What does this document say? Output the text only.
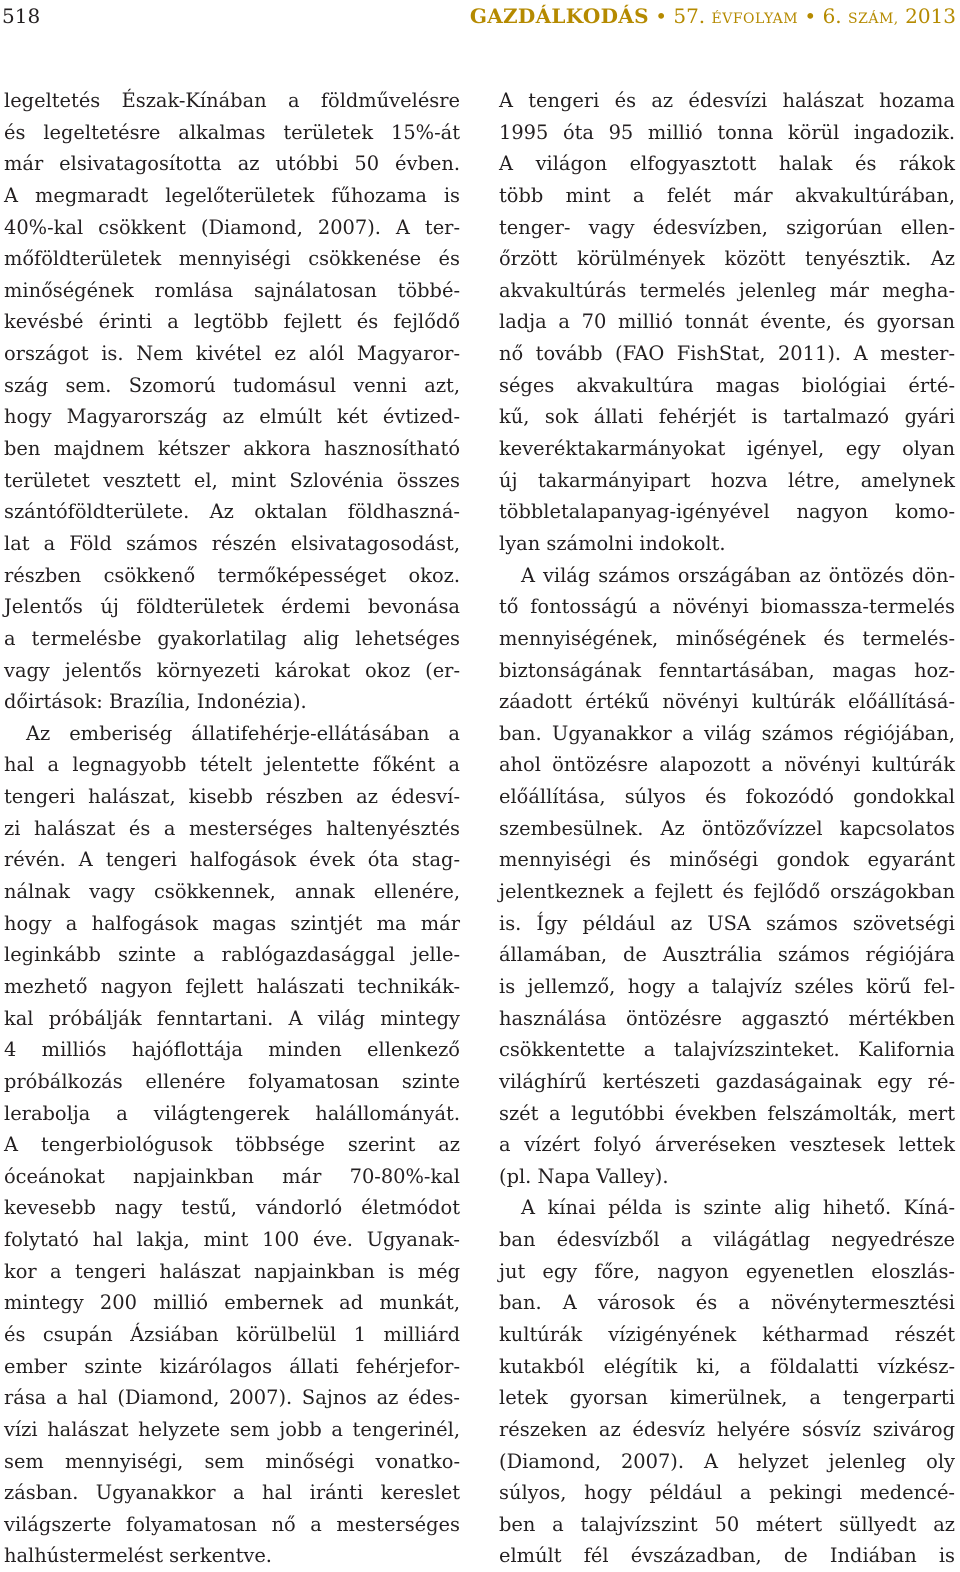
518	GAZDÁLKODÁS • 57. ÉVFOLYAM • 6. SZÁM, 2013
legeltetés Észak-Kínában a földművelésre
és legeltetésre alkalmas területek 15%-át
már elsivatagosította az utóbbi 50 évben.
A megmaradt legelőterületek fűhozama is
40%-kal csökkent (Diamond, 2007). A ter-
mőföldterületek mennyiségi csökkenése és
minőségének romlása sajnálatosan többé-
kevésbé érinti a legtöbb fejlett és fejlődő
országot is. Nem kivétel ez alól Magyaror-
szág sem. Szomorú tudomásul venni azt,
hogy Magyarország az elmúlt két évtized-
ben majdnem kétszer akkora hasznosítható
területet vesztett el, mint Szlovénia összes
szántóföldterülete. Az oktalan földhaszná-
lat a Föld számos részén elsivatagosodást,
részben csökkenő termőképességet okoz.
Jelentős új földterületek érdemi bevonása
a termelésbe gyakorlatilag alig lehetséges
vagy jelentős környezeti károkat okoz (er-
dőirtások: Brazília, Indonézia).
Az emberiség állatifehérje-ellátásában a
hal a legnagyobb tételt jelentette főként a
tengeri halászat, kisebb részben az édesví-
zi halászat és a mesterséges haltenyésztés
révén. A tengeri halfogások évek óta stag-
nálnak vagy csökkennek, annak ellenére,
hogy a halfogások magas szintjét ma már
leginkább szinte a rablógazdasággal jelle-
mezhető nagyon fejlett halászati technikák-
kal próbálják fenntartani. A világ mintegy
4 milliós hajóflottája minden ellenkező
próbálkozás ellenére folyamatosan szinte
lerabolja a világtengerek halállományát.
A tengerbiológusok többsége szerint az
óceánokat napjainkban már 70-80%-kal
kevesebb nagy testű, vándorló életmódot
folytató hal lakja, mint 100 éve. Ugyanak-
kor a tengeri halászat napjainkban is még
mintegy 200 millió embernek ad munkát,
és csupán Ázsiában körülbelül 1 milliárd
ember szinte kizárólagos állati fehérjefor-
rása a hal (Diamond, 2007). Sajnos az édes-
vízi halászat helyzete sem jobb a tengerinél,
sem mennyiségi, sem minőségi vonatko-
zásban. Ugyanakkor a hal iránti kereslet
világszerte folyamatosan nő a mesterséges
halhústermelést serkentve.
A tengeri és az édesvízi halászat hozama
1995 óta 95 millió tonna körül ingadozik.
A világon elfogyasztott halak és rákok
több mint a felét már akvakultúrában,
tenger- vagy édesvízben, szigorúan ellen-
őrzött körülmények között tenyésztik. Az
akvakultúrás termelés jelenleg már megha-
ladja a 70 millió tonnát évente, és gyorsan
nő tovább (FAO FishStat, 2011). A mester-
séges akvakultúra magas biológiai érté-
kű, sok állati fehérjét is tartalmazó gyári
keveréktakarmányokat igényel, egy olyan
új takarmányipart hozva létre, amelynek
többletalapanyag-igényével nagyon komo-
lyan számolni indokolt.
A világ számos országában az öntözés dön-
tő fontosságú a növényi biomassza-termelés
mennyiségének, minőségének és termelés-
biztonságának fenntartásában, magas hoz-
záadott értékű növényi kultúrák előállításá-
ban. Ugyanakkor a világ számos régiójában,
ahol öntözésre alapozott a növényi kultúrák
előállítása, súlyos és fokozódó gondokkal
szembesülnek. Az öntözővízzel kapcsolatos
mennyiségi és minőségi gondok egyaránt
jelentkeznek a fejlett és fejlődő országokban
is. Így például az USA számos szövetségi
államában, de Ausztrália számos régiójára
is jellemző, hogy a talajvíz széles körű fel-
használása öntözésre aggasztó mértékben
csökkentette a talajvízszinteket. Kalifornia
világhírű kertészeti gazdaságainak egy ré-
szét a legutóbbi években felszámolták, mert
a vízért folyó árveréseken vesztesek lettek
(pl. Napa Valley).
A kínai példa is szinte alig hihető. Kíná-
ban édesvízből a világátlag negyedrésze
jut egy főre, nagyon egyenetlen eloszlás-
ban. A városok és a növénytermesztési
kultúrák vízigényének kétharmad részét
kutakból elégítik ki, a földalatti vízkész-
letek gyorsan kimerülnek, a tengerparti
részeken az édesvíz helyére sósvíz szivárog
(Diamond, 2007). A helyzet jelenleg oly
súlyos, hogy például a pekingi medencé-
ben a talajvízszint 50 métert süllyedt az
elmúlt fél évszázadban, de Indiában is
